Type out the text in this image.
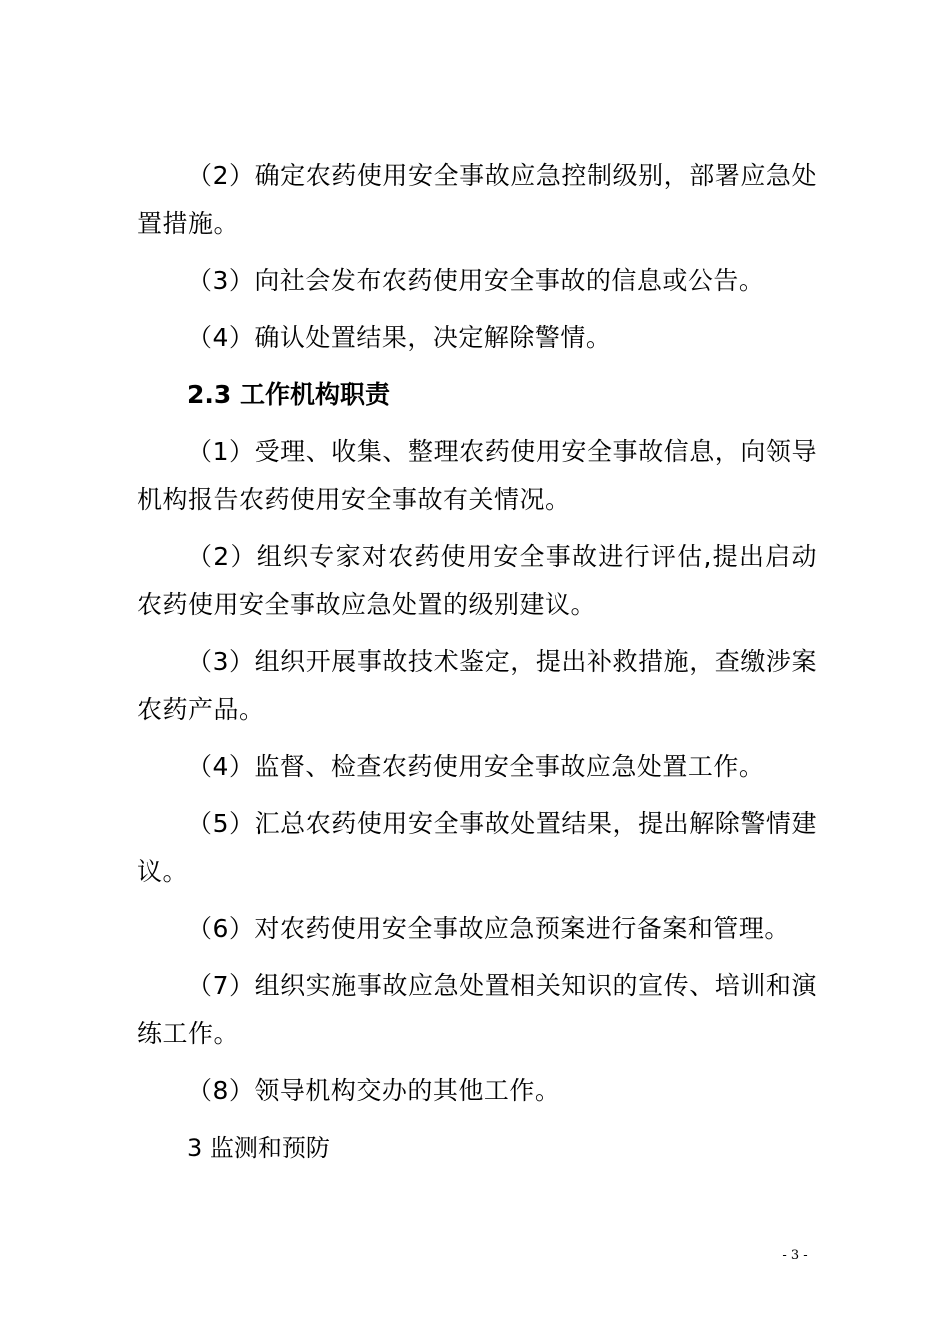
（2）确定农药使用安全事故应急控制级别，部署应急处置措施。

（3）向社会发布农药使用安全事故的信息或公告。

（4）确认处置结果，决定解除警情。

2.3 工作机构职责

（1）受理、收集、整理农药使用安全事故信息，向领导机构报告农药使用安全事故有关情况。

（2）组织专家对农药使用安全事故进行评估,提出启动农药使用安全事故应急处置的级别建议。

（3）组织开展事故技术鉴定，提出补救措施，查缴涉案农药产品。

（4）监督、检查农药使用安全事故应急处置工作。

（5）汇总农药使用安全事故处置结果，提出解除警情建议。

（6）对农药使用安全事故应急预案进行备案和管理。

（7）组织实施事故应急处置相关知识的宣传、培训和演练工作。

（8）领导机构交办的其他工作。

3 监测和预防

- 3 -
